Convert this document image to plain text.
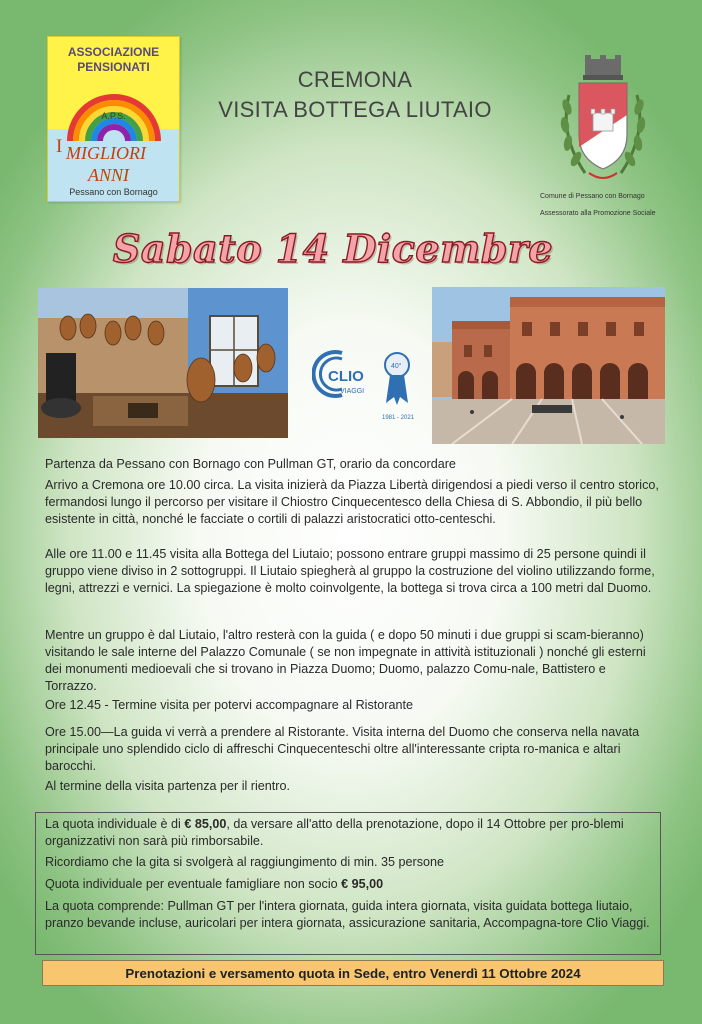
ASSOCIAZIONE
PENSIONATI
A.P.S.
I MIGLIORI
ANNI
Pessano con Bornago
CREMONA
VISITA BOTTEGA LIUTAIO
Comune di Pessano con Bornago
Assessorato alla Promozione Sociale
Sabato 14 Dicembre
CLIO
VIAGGI
40°
1981 - 2021

Partenza da Pessano con Bornago con Pullman GT, orario da concordare

Arrivo a Cremona ore 10.00 circa. La visita inizierà da Piazza Libertà dirigendosi a piedi verso il centro storico, fermandosi lungo il percorso per visitare il Chiostro Cinquecentesco della Chiesa di S. Abbondio, il più bello esistente in città, nonché le facciate o cortili di palazzi aristocratici otto-centeschi.

Alle ore 11.00 e 11.45 visita alla Bottega del Liutaio; possono entrare gruppi massimo di 25 persone quindi il gruppo viene diviso in 2 sottogruppi. Il Liutaio spiegherà al gruppo la costruzione del violino utilizzando forme, legni, attrezzi e vernici. La spiegazione è molto coinvolgente, la bottega si trova circa a 100 metri dal Duomo.

Mentre un gruppo è dal Liutaio, l'altro resterà con la guida ( e dopo 50 minuti i due gruppi si scam-bieranno) visitando le sale interne del Palazzo Comunale ( se non impegnate in attività istituzionali ) nonché gli esterni dei monumenti medioevali che si trovano in Piazza Duomo; Duomo, palazzo Comu-nale, Battistero e Torrazzo.

Ore 12.45 - Termine visita per potervi accompagnare al Ristorante

Ore 15.00—La guida vi verrà a prendere al Ristorante. Visita interna del Duomo che conserva nella navata principale uno splendido ciclo di affreschi Cinquecenteschi oltre all'interessante cripta ro-manica e altari barocchi.

Al termine della visita partenza per il rientro.

La quota individuale è di € 85,00, da versare all'atto della prenotazione, dopo il 14 Ottobre per pro-blemi organizzativi non sarà più rimborsabile.

Ricordiamo che la gita si svolgerà al raggiungimento di min. 35 persone

Quota individuale per eventuale famigliare non socio € 95,00

La quota comprende: Pullman GT per l'intera giornata, guida intera giornata, visita guidata bottega liutaio, pranzo bevande incluse, auricolari per intera giornata, assicurazione sanitaria, Accompagna-tore Clio Viaggi.

Prenotazioni e versamento quota in Sede, entro Venerdì 11 Ottobre 2024
